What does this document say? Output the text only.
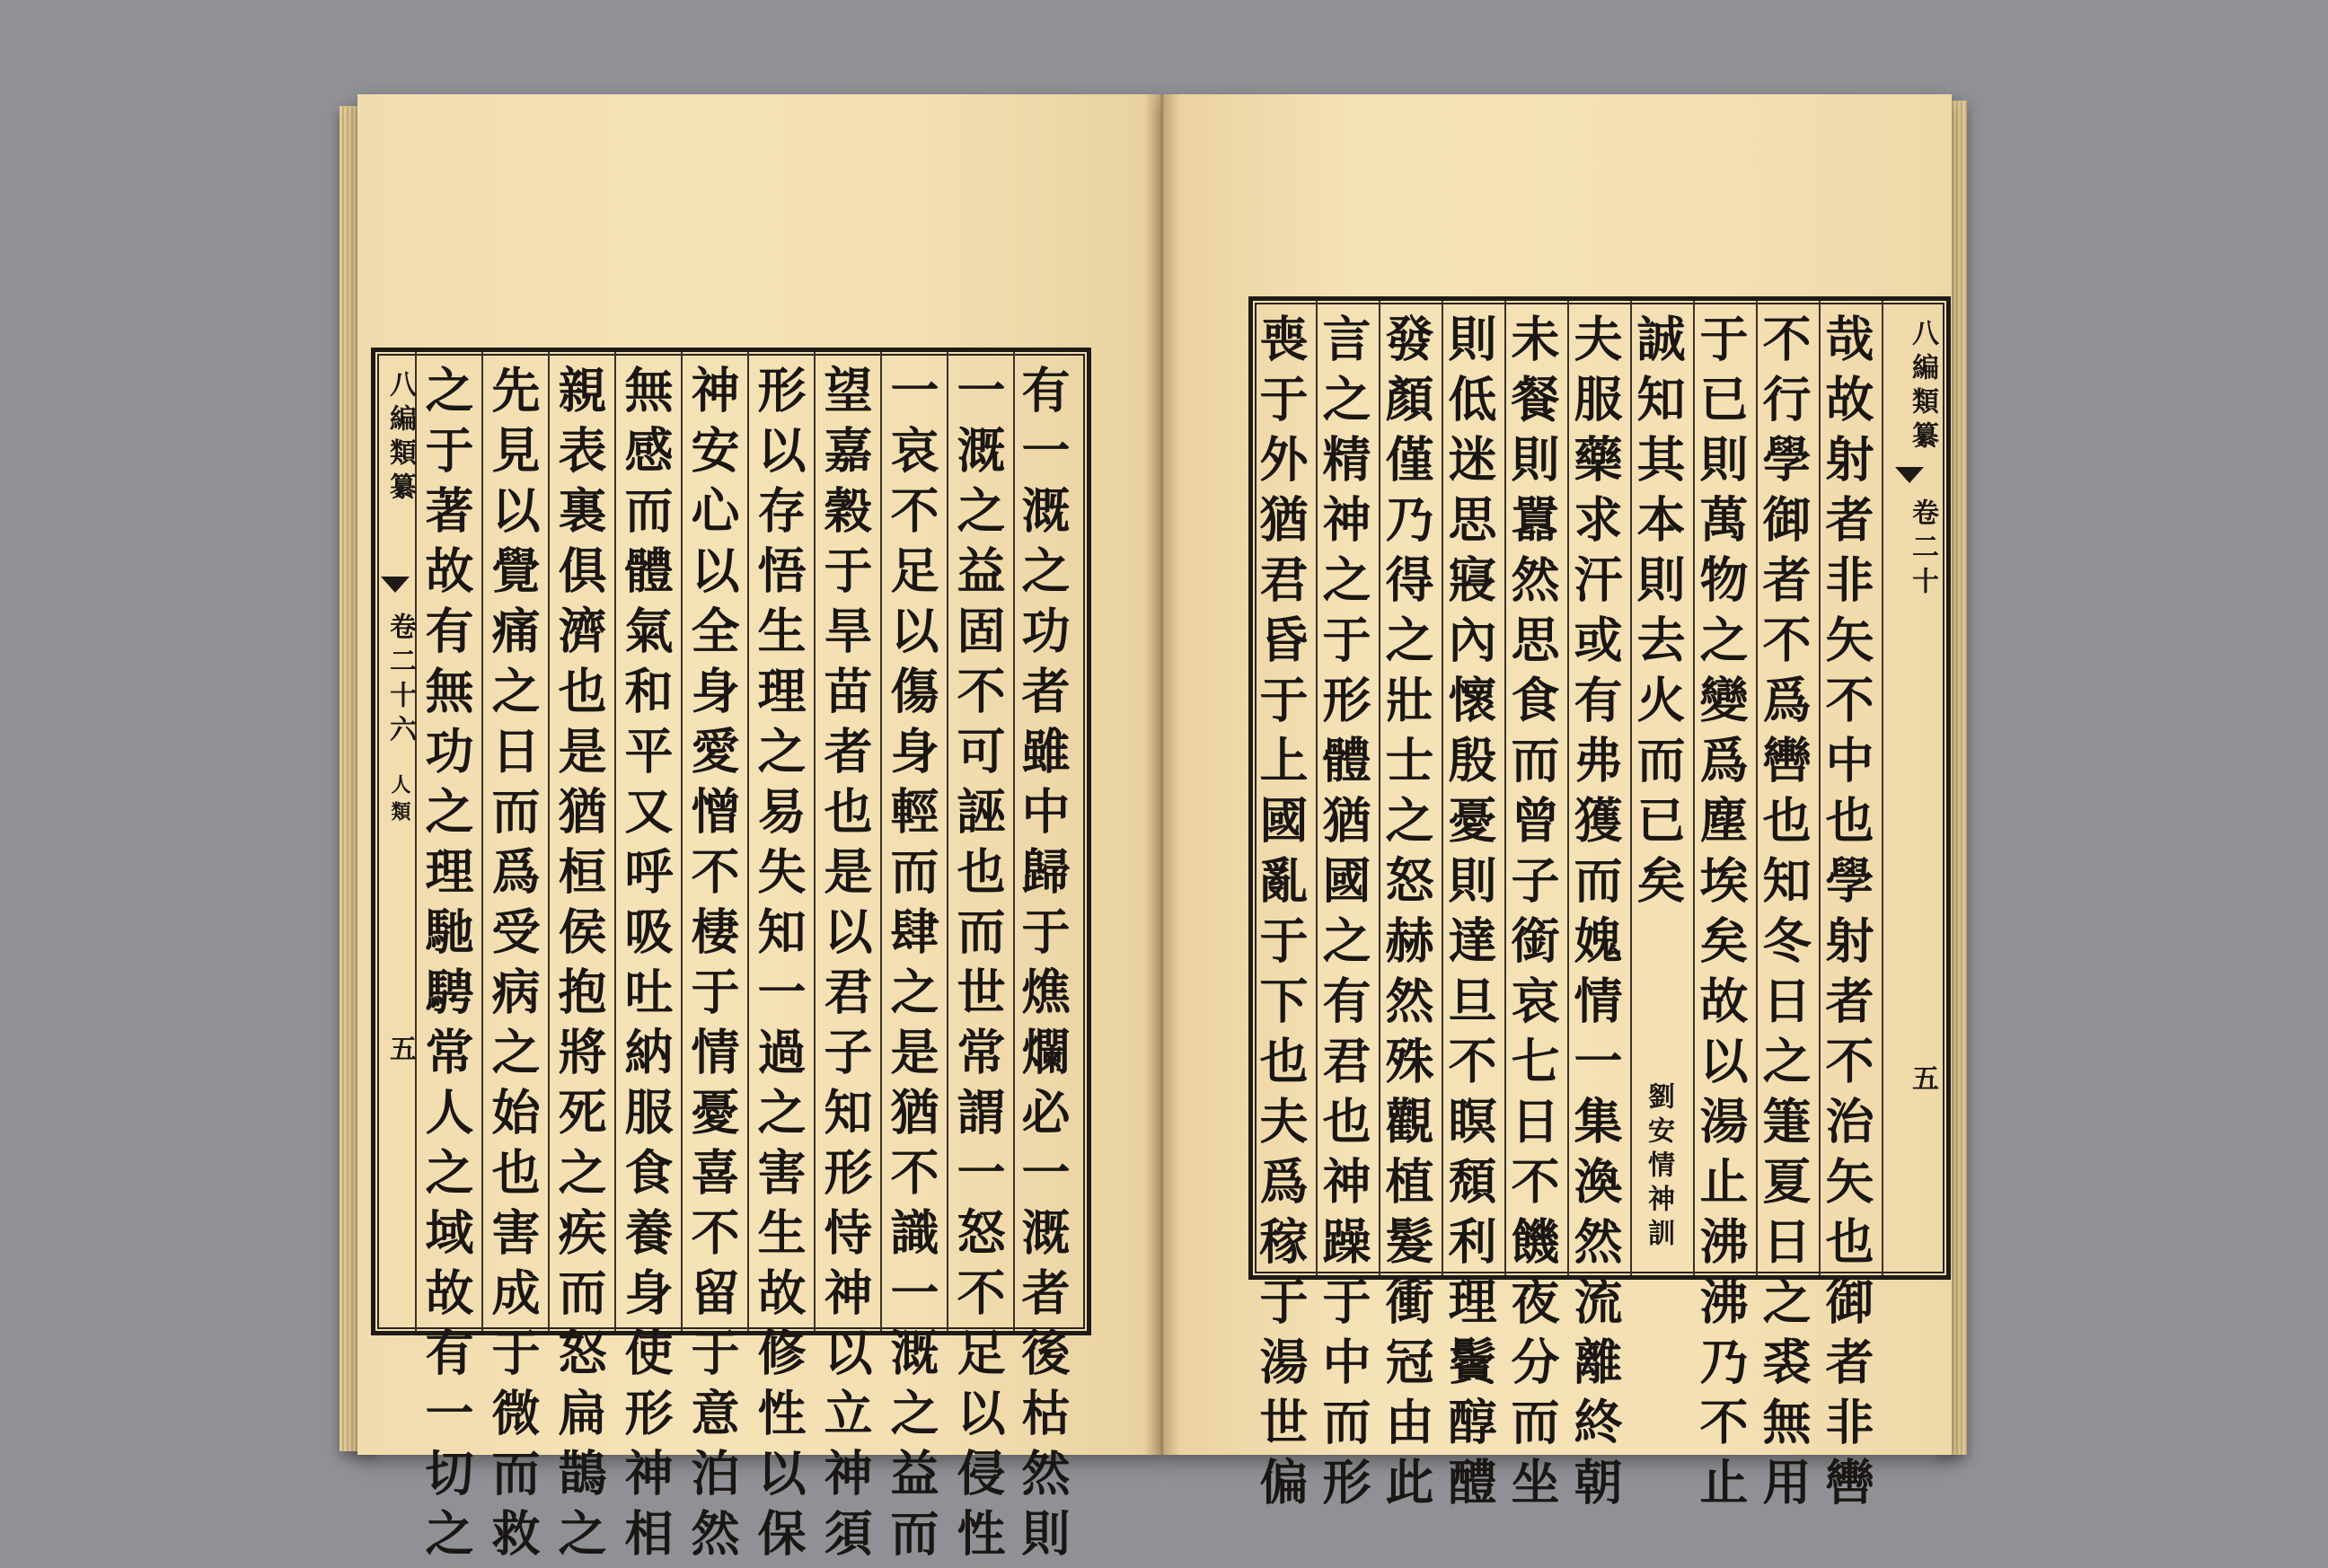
八編類纂
卷二十六
人類
五 之于著故有無功之理馳騁常人之域故有一切之 先見以覺痛之日而爲受病之始也害成于微而救 親表裏俱濟也是猶桓侯抱將死之疾而怒扁鵲之 無感而體氣和平又呼吸吐納服食養身使形神相 神安心以全身愛憎不棲于情憂喜不留于意泊然 形以存悟生理之易失知一過之害生故修性以保 望嘉穀于旱苗者也是以君子知形恃神以立神須 一哀不足以傷身輕而肆之是猶不識一溉之益而 一溉之益固不可誣也而世常謂一怒不足以侵性 有一溉之功者雖中歸于燋爛必一溉者後枯然則	喪于外猶君昏于上國亂于下也夫爲稼于湯世偏 言之精神之于形體猶國之有君也神躁于中而形 發顏僅乃得之壯士之怒赫然殊觀植髮衝冠由此 則低迷思寢內懷殷憂則達旦不瞑頹利理鬢醇醴 未餐則囂然思食而曾子銜哀七日不饑夜分而坐 夫服藥求汗或有弗獲而媿情一集渙然流離終朝 誠知其本則去火而已矣
劉安情神訓 于已則萬物之變爲塵埃矣故以湯止沸沸乃不止 不行學御者不爲轡也知冬日之箑夏日之裘無用 哉故射者非矢不中也學射者不治矢也御者非轡	八編類纂
卷二十
五
